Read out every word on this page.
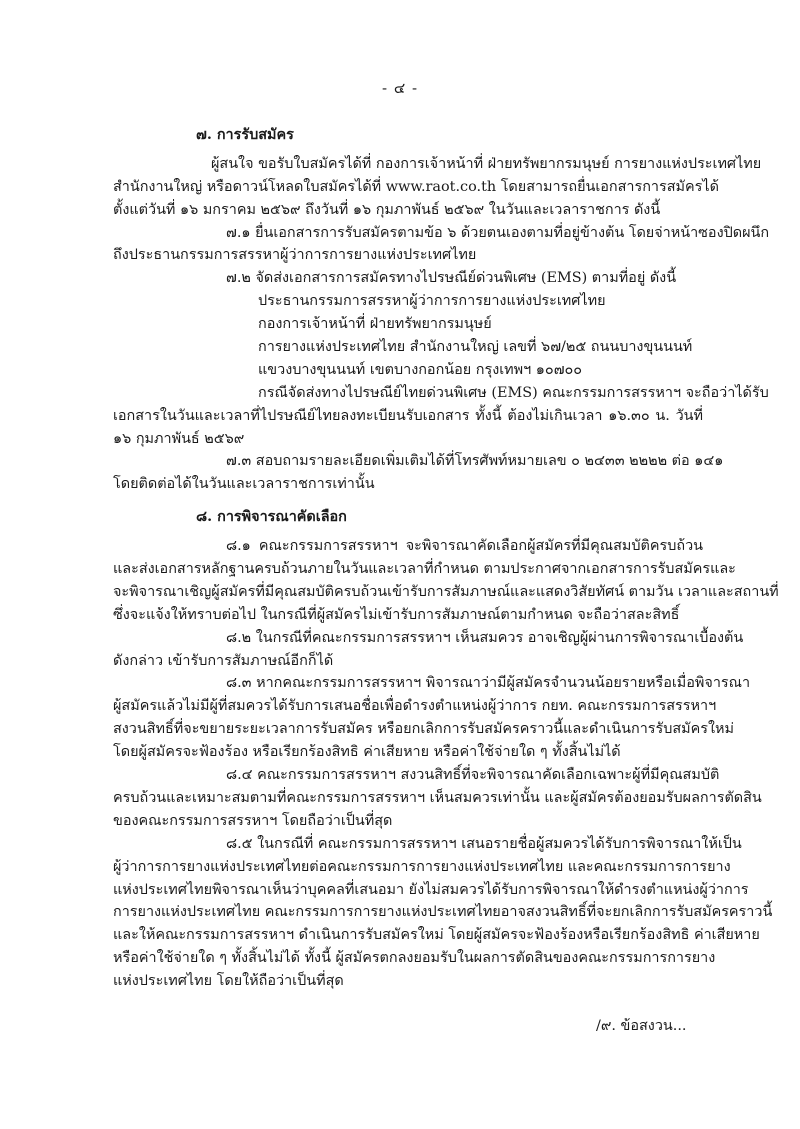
- ๔ -
๗. การรับสมัคร
ผู้สนใจ ขอรับใบสมัครได้ที่ กองการเจ้าหน้าที่ ฝ่ายทรัพยากรมนุษย์ การยางแห่งประเทศไทย
สำนักงานใหญ่ หรือดาวน์โหลดใบสมัครได้ที่ www.raot.co.th โดยสามารถยื่นเอกสารการสมัครได้
ตั้งแต่วันที่ ๑๖ มกราคม ๒๕๖๙ ถึงวันที่ ๑๖ กุมภาพันธ์ ๒๕๖๙ ในวันและเวลาราชการ ดังนี้
๗.๑ ยื่นเอกสารการรับสมัครตามข้อ ๖ ด้วยตนเองตามที่อยู่ข้างต้น โดยจ่าหน้าซองปิดผนึก
ถึงประธานกรรมการสรรหาผู้ว่าการการยางแห่งประเทศไทย
๗.๒ จัดส่งเอกสารการสมัครทางไปรษณีย์ด่วนพิเศษ (EMS) ตามที่อยู่ ดังนี้
ประธานกรรมการสรรหาผู้ว่าการการยางแห่งประเทศไทย
กองการเจ้าหน้าที่ ฝ่ายทรัพยากรมนุษย์
การยางแห่งประเทศไทย สำนักงานใหญ่ เลขที่ ๖๗/๒๕ ถนนบางขุนนนท์
แขวงบางขุนนนท์ เขตบางกอกน้อย กรุงเทพฯ ๑๐๗๐๐
กรณีจัดส่งทางไปรษณีย์ไทยด่วนพิเศษ (EMS) คณะกรรมการสรรหาฯ จะถือว่าได้รับ
เอกสารในวันและเวลาที่ไปรษณีย์ไทยลงทะเบียนรับเอกสาร ทั้งนี้ ต้องไม่เกินเวลา ๑๖.๓๐ น. วันที่
๑๖ กุมภาพันธ์ ๒๕๖๙
๗.๓ สอบถามรายละเอียดเพิ่มเติมได้ที่โทรศัพท์หมายเลข ๐ ๒๔๓๓ ๒๒๒๒ ต่อ ๑๔๑
โดยติดต่อได้ในวันและเวลาราชการเท่านั้น
๘. การพิจารณาคัดเลือก
๘.๑ คณะกรรมการสรรหาฯ จะพิจารณาคัดเลือกผู้สมัครที่มีคุณสมบัติครบถ้วน
และส่งเอกสารหลักฐานครบถ้วนภายในวันและเวลาที่กำหนด ตามประกาศจากเอกสารการรับสมัครและ
จะพิจารณาเชิญผู้สมัครที่มีคุณสมบัติครบถ้วนเข้ารับการสัมภาษณ์และแสดงวิสัยทัศน์ ตามวัน เวลาและสถานที่
ซึ่งจะแจ้งให้ทราบต่อไป ในกรณีที่ผู้สมัครไม่เข้ารับการสัมภาษณ์ตามกำหนด จะถือว่าสละสิทธิ์
๘.๒ ในกรณีที่คณะกรรมการสรรหาฯ เห็นสมควร อาจเชิญผู้ผ่านการพิจารณาเบื้องต้น
ดังกล่าว เข้ารับการสัมภาษณ์อีกก็ได้
๘.๓ หากคณะกรรมการสรรหาฯ พิจารณาว่ามีผู้สมัครจำนวนน้อยรายหรือเมื่อพิจารณา
ผู้สมัครแล้วไม่มีผู้ที่สมควรได้รับการเสนอชื่อเพื่อดำรงตำแหน่งผู้ว่าการ กยท. คณะกรรมการสรรหาฯ
สงวนสิทธิ์ที่จะขยายระยะเวลาการรับสมัคร หรือยกเลิกการรับสมัครคราวนี้และดำเนินการรับสมัครใหม่
โดยผู้สมัครจะฟ้องร้อง หรือเรียกร้องสิทธิ ค่าเสียหาย หรือค่าใช้จ่ายใด ๆ ทั้งสิ้นไม่ได้
๘.๔ คณะกรรมการสรรหาฯ สงวนสิทธิ์ที่จะพิจารณาคัดเลือกเฉพาะผู้ที่มีคุณสมบัติ
ครบถ้วนและเหมาะสมตามที่คณะกรรมการสรรหาฯ เห็นสมควรเท่านั้น และผู้สมัครต้องยอมรับผลการตัดสิน
ของคณะกรรมการสรรหาฯ โดยถือว่าเป็นที่สุด
๘.๕ ในกรณีที่ คณะกรรมการสรรหาฯ เสนอรายชื่อผู้สมควรได้รับการพิจารณาให้เป็น
ผู้ว่าการการยางแห่งประเทศไทยต่อคณะกรรมการการยางแห่งประเทศไทย และคณะกรรมการการยาง
แห่งประเทศไทยพิจารณาเห็นว่าบุคคลที่เสนอมา ยังไม่สมควรได้รับการพิจารณาให้ดำรงตำแหน่งผู้ว่าการ
การยางแห่งประเทศไทย คณะกรรมการการยางแห่งประเทศไทยอาจสงวนสิทธิ์ที่จะยกเลิกการรับสมัครคราวนี้
และให้คณะกรรมการสรรหาฯ ดำเนินการรับสมัครใหม่ โดยผู้สมัครจะฟ้องร้องหรือเรียกร้องสิทธิ ค่าเสียหาย
หรือค่าใช้จ่ายใด ๆ ทั้งสิ้นไม่ได้ ทั้งนี้ ผู้สมัครตกลงยอมรับในผลการตัดสินของคณะกรรมการการยาง
แห่งประเทศไทย โดยให้ถือว่าเป็นที่สุด
/๙. ข้อสงวน...
